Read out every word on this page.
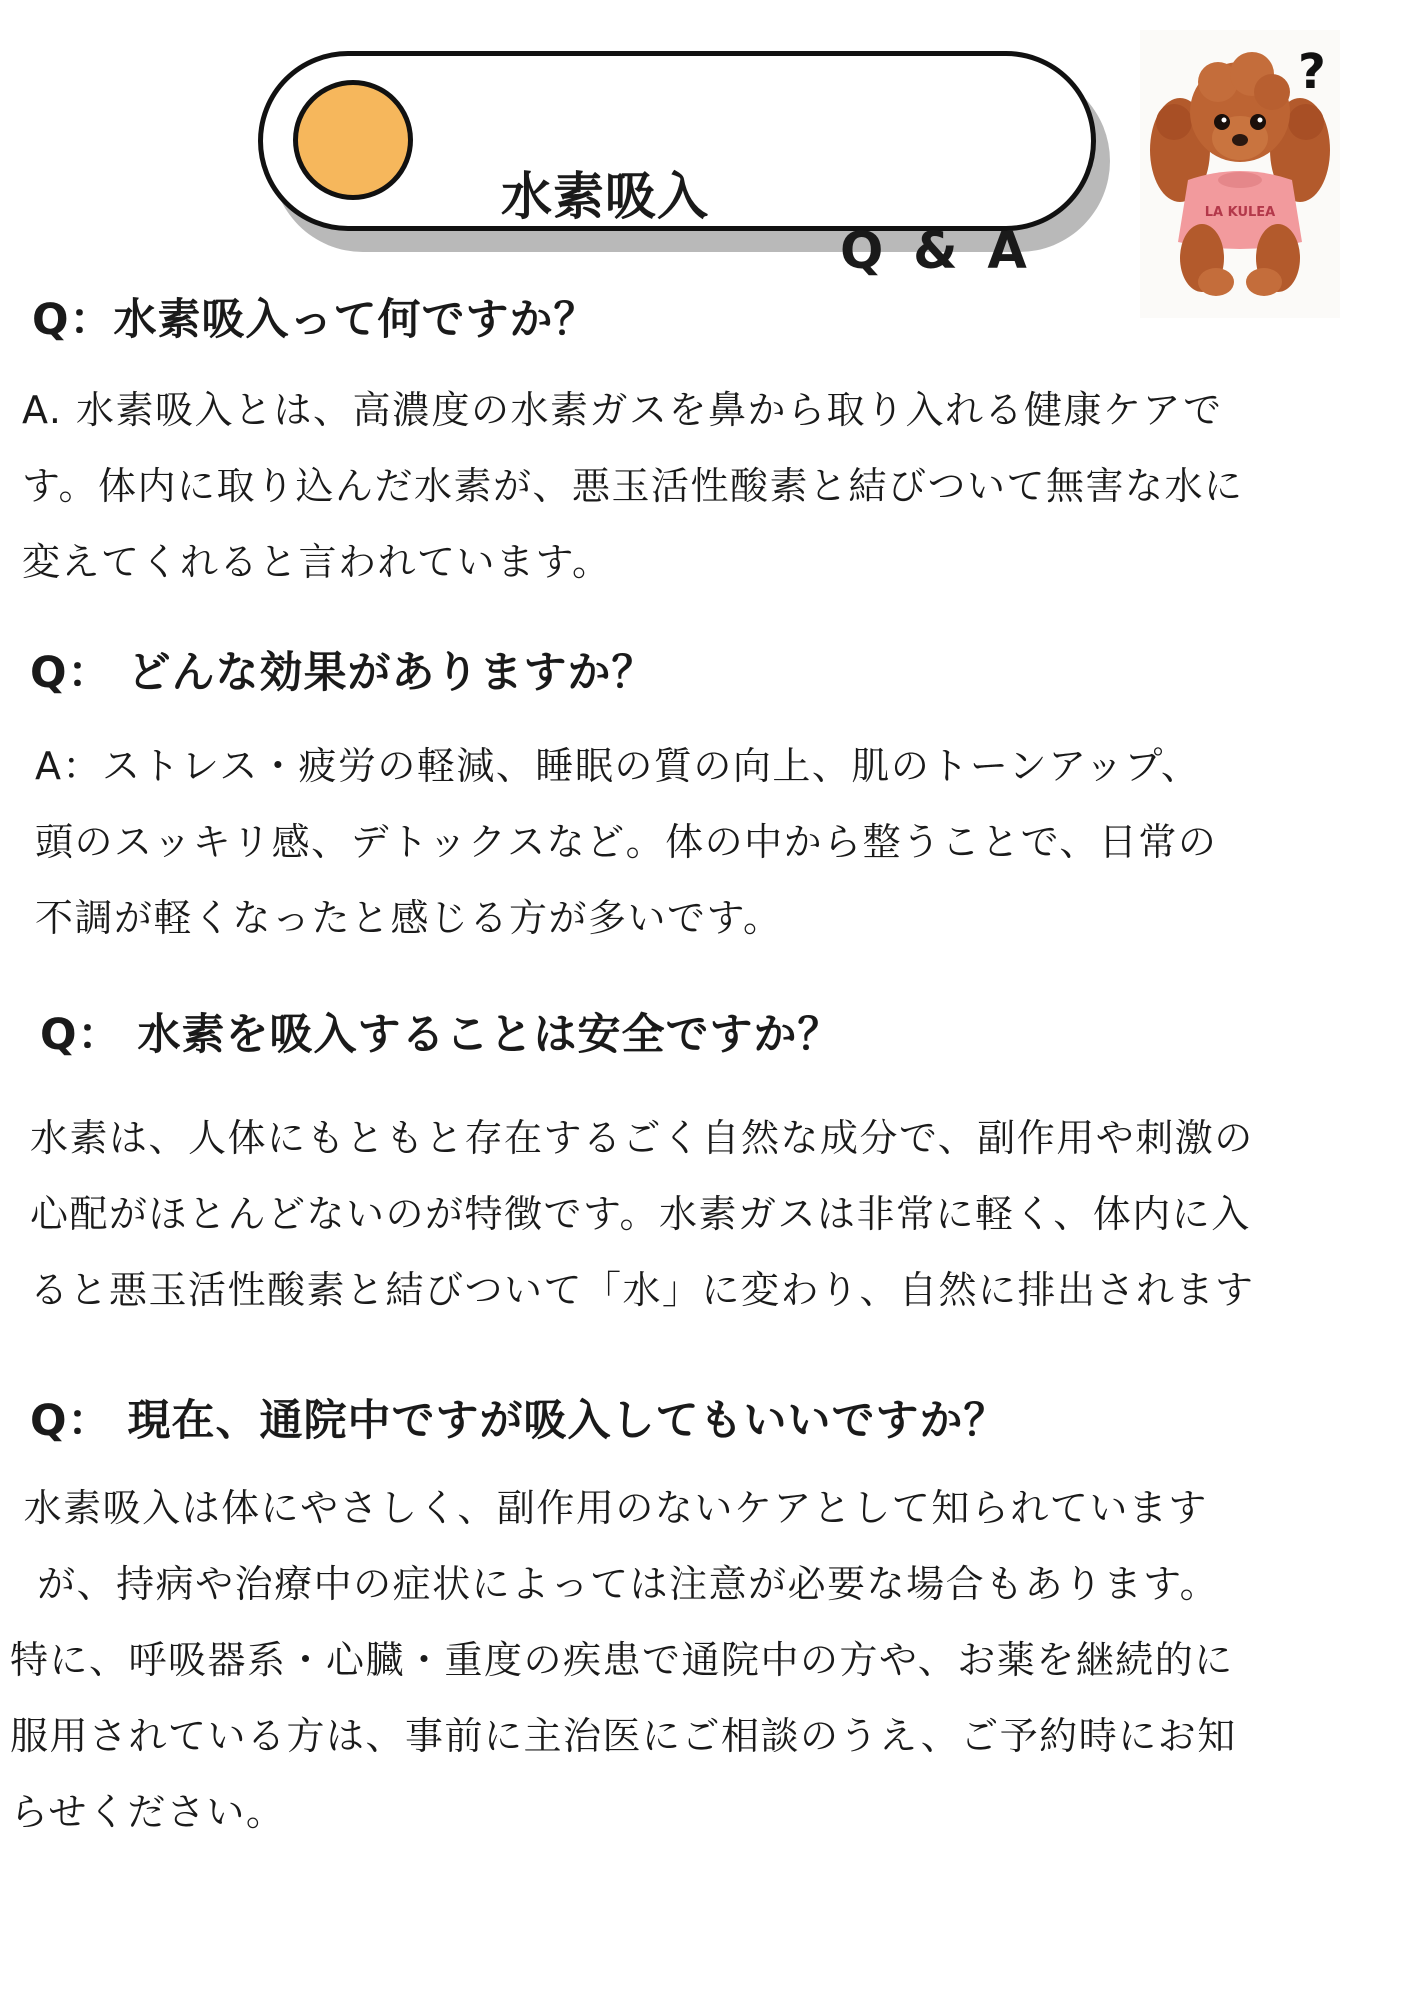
水素吸入

Q & A

LA KULEA
?
Q：水素吸入って何ですか？
A. 水素吸入とは、高濃度の水素ガスを鼻から取り入れる健康ケアで
す。体内に取り込んだ水素が、悪玉活性酸素と結びついて無害な水に
変えてくれると言われています。
Q： どんな効果がありますか？
A：ストレス・疲労の軽減、睡眠の質の向上、肌のトーンアップ、
頭のスッキリ感、デトックスなど。体の中から整うことで、日常の
不調が軽くなったと感じる方が多いです。
Q： 水素を吸入することは安全ですか？
水素は、人体にもともと存在するごく自然な成分で、副作用や刺激の
心配がほとんどないのが特徴です。水素ガスは非常に軽く、体内に入
ると悪玉活性酸素と結びついて「水」に変わり、自然に排出されます
Q： 現在、通院中ですが吸入してもいいですか？
水素吸入は体にやさしく、副作用のないケアとして知られています
が、持病や治療中の症状によっては注意が必要な場合もあります。
特に、呼吸器系・心臓・重度の疾患で通院中の方や、お薬を継続的に
服用されている方は、事前に主治医にご相談のうえ、ご予約時にお知
らせください。
